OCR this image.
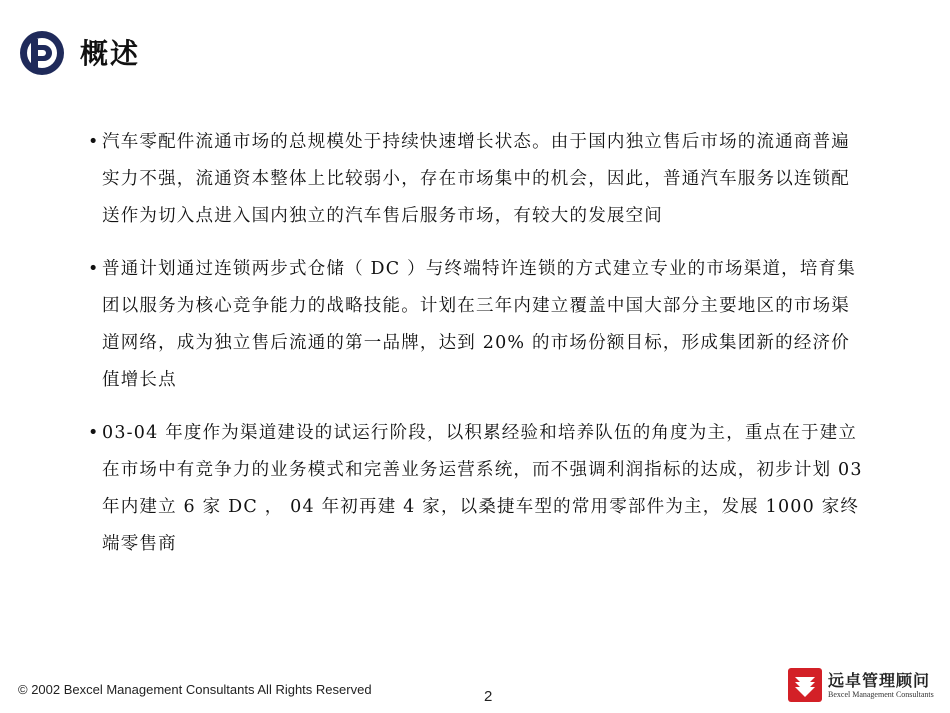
概述
• 汽车零配件流通市场的总规模处于持续快速增长状态。由于国内独立售后市场的流通商普遍实力不强，流通资本整体上比较弱小，存在市场集中的机会，因此，普通汽车服务以连锁配送作为切入点进入国内独立的汽车售后服务市场，有较大的发展空间
• 普通计划通过连锁两步式仓储（ DC ）与终端特许连锁的方式建立专业的市场渠道，培育集团以服务为核心竞争能力的战略技能。计划在三年内建立覆盖中国大部分主要地区的市场渠道网络，成为独立售后流通的第一品牌，达到 20% 的市场份额目标，形成集团新的经济价值增长点
• 03-04 年度作为渠道建设的试运行阶段，以积累经验和培养队伍的角度为主，重点在于建立在市场中有竞争力的业务模式和完善业务运营系统，而不强调利润指标的达成，初步计划 03 年内建立 6 家 DC ， 04 年初再建 4 家，以桑捷车型的常用零部件为主，发展 1000 家终端零售商
© 2002 Bexcel Management Consultants All Rights Reserved	2
远卓管理顾问
Bexcel Management Consultants
